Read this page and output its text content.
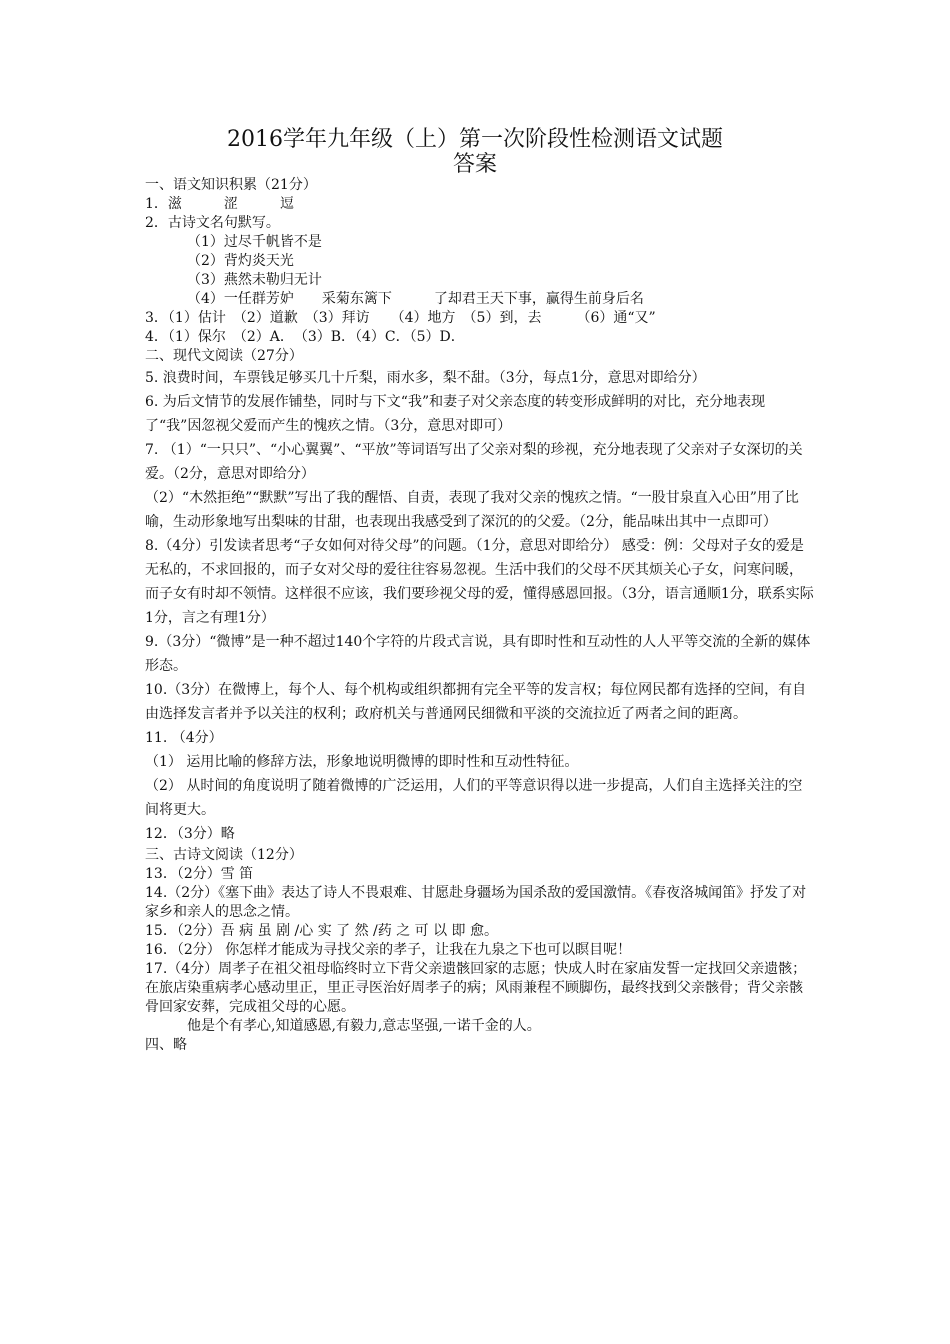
2016学年九年级（上）第一次阶段性检测语文试题
答案
一、语文知识积累（21分）
1．滋　　　涩　　　逗
2．古诗文名句默写。
（1）过尽千帆皆不是
（2）背灼炎天光
（3）燕然未勒归无计
（4）一任群芳妒　　采菊东篱下　　　了却君王天下事，赢得生前身后名
3．（1）估计　（2）道歉　（3）拜访　　（4）地方　（5）到，去　　　（6）通“又”
4．（1）保尔　（2）A．　（3）B．（4）C．（5）D．
二、现代文阅读（27分）
5. 浪费时间，车票钱足够买几十斤梨，雨水多，梨不甜。（3分，每点1分，意思对即给分）
6. 为后文情节的发展作铺垫，同时与下文“我”和妻子对父亲态度的转变形成鲜明的对比，充分地表现了“我”因忽视父爱而产生的愧疚之情。（3分，意思对即可）
7. （1）“一只只”、“小心翼翼”、“平放”等词语写出了父亲对梨的珍视，充分地表现了父亲对子女深切的关爱。（2分，意思对即给分）
（2）“木然拒绝”“默默”写出了我的醒悟、自责，表现了我对父亲的愧疚之情。“一股甘泉直入心田”用了比喻，生动形象地写出梨味的甘甜，也表现出我感受到了深沉的的父爱。（2分，能品味出其中一点即可）
8.（4分）引发读者思考“子女如何对待父母”的问题。（1分，意思对即给分） 感受：例：父母对子女的爱是无私的，不求回报的，而子女对父母的爱往往容易忽视。生活中我们的父母不厌其烦关心子女，问寒问暖，而子女有时却不领情。这样很不应该，我们要珍视父母的爱，懂得感恩回报。（3分，语言通顺1分，联系实际1分，言之有理1分）
9.（3分）“微博”是一种不超过140个字符的片段式言说，具有即时性和互动性的人人平等交流的全新的媒体形态。
10.（3分）在微博上，每个人、每个机构或组织都拥有完全平等的发言权；每位网民都有选择的空间，有自由选择发言者并予以关注的权利；政府机关与普通网民细微和平淡的交流拉近了两者之间的距离。
11. （4分）
（1） 运用比喻的修辞方法，形象地说明微博的即时性和互动性特征。
（2） 从时间的角度说明了随着微博的广泛运用，人们的平等意识得以进一步提高，人们自主选择关注的空间将更大。
12．（3分）略
三、古诗文阅读（12分）
13．（2分）雪 笛
14.（2分）《塞下曲》表达了诗人不畏艰难、甘愿赴身疆场为国杀敌的爱国激情。《春夜洛城闻笛》抒发了对家乡和亲人的思念之情。
15．（2分）吾 病 虽 剧 /心 实 了 然 /药 之 可 以 即 愈。
16．（2分） 你怎样才能成为寻找父亲的孝子，让我在九泉之下也可以瞑目呢！
17.（4分）周孝子在祖父祖母临终时立下背父亲遗骸回家的志愿；快成人时在家庙发誓一定找回父亲遗骸；在旅店染重病孝心感动里正，里正寻医治好周孝子的病；风雨兼程不顾脚伤，最终找到父亲骸骨；背父亲骸骨回家安葬，完成祖父母的心愿。
他是个有孝心,知道感恩,有毅力,意志坚强,一诺千金的人。
四、略
